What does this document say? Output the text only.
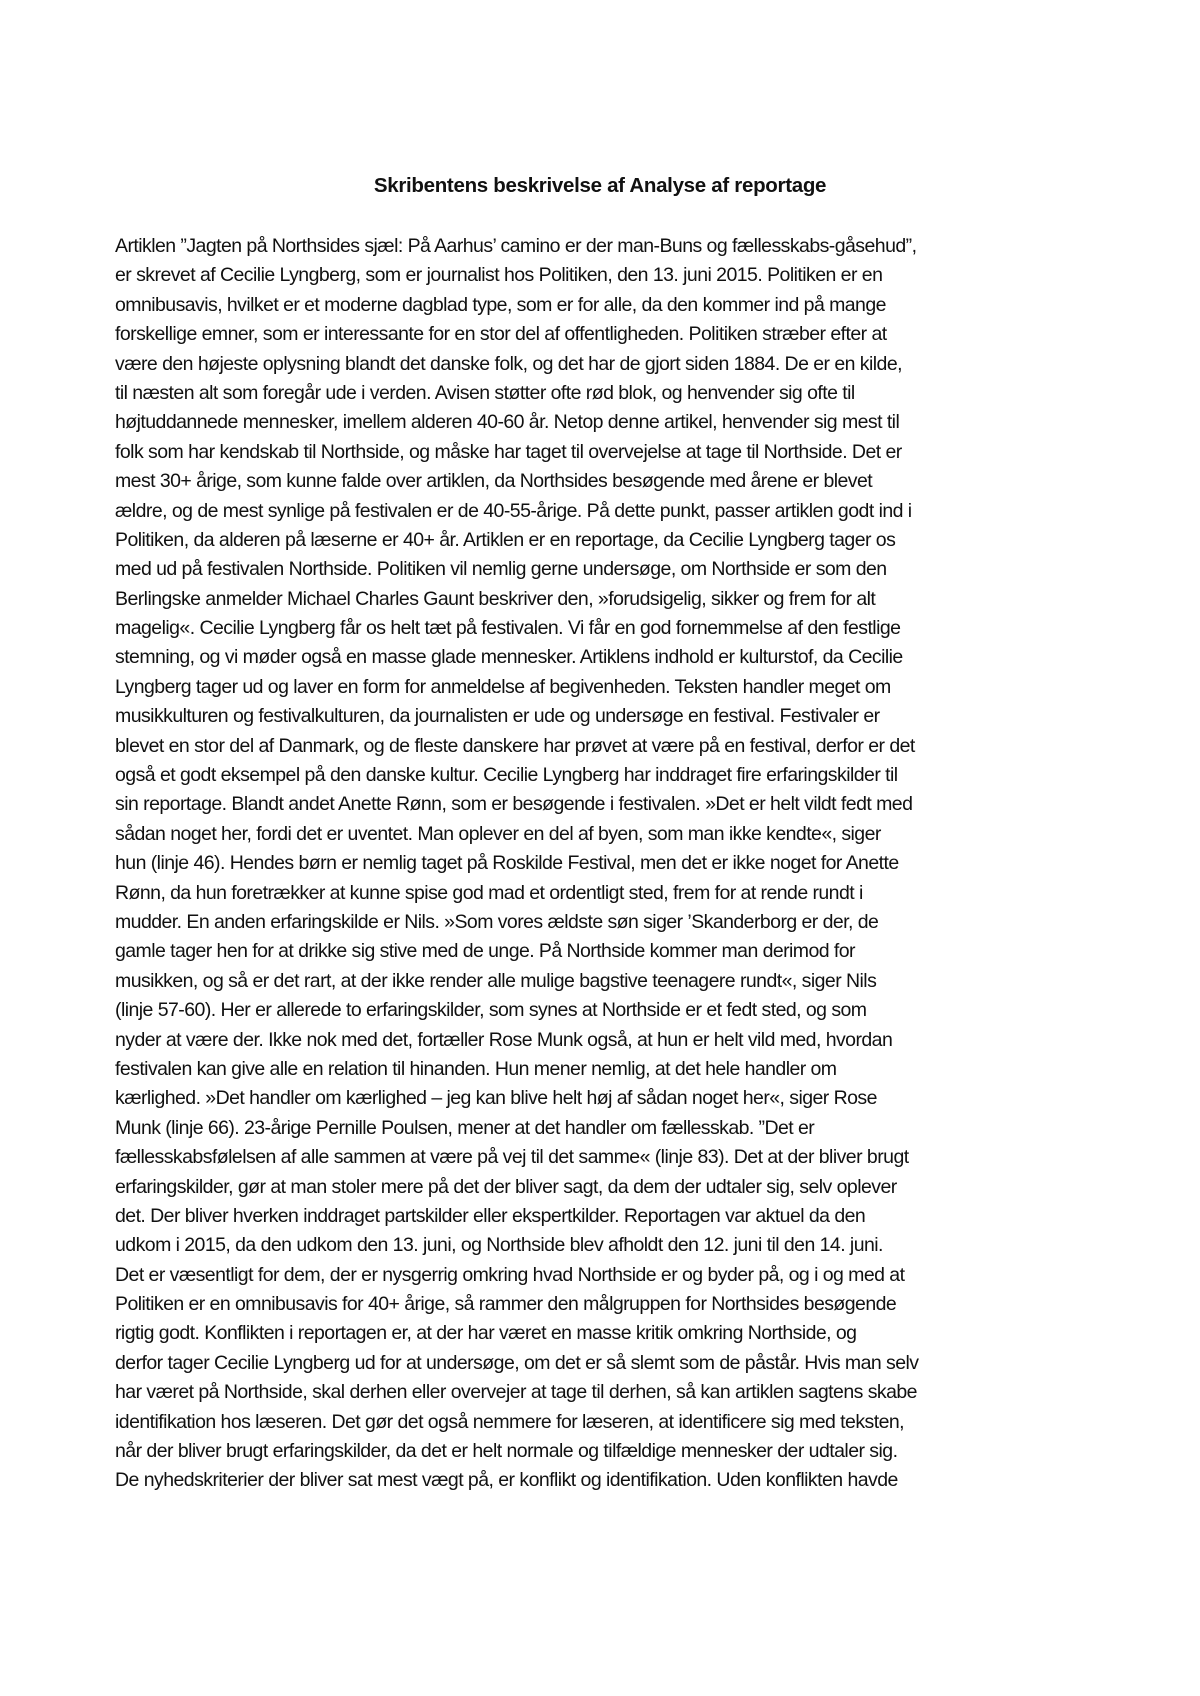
Skribentens beskrivelse af Analyse af reportage
Artiklen ”Jagten på Northsides sjæl: På Aarhus’ camino er der man-Buns og fællesskabs-gåsehud”,
er skrevet af Cecilie Lyngberg, som er journalist hos Politiken, den 13. juni 2015. Politiken er en
omnibusavis, hvilket er et moderne dagblad type, som er for alle, da den kommer ind på mange
forskellige emner, som er interessante for en stor del af offentligheden. Politiken stræber efter at
være den højeste oplysning blandt det danske folk, og det har de gjort siden 1884. De er en kilde,
til næsten alt som foregår ude i verden. Avisen støtter ofte rød blok, og henvender sig ofte til
højtuddannede mennesker, imellem alderen 40-60 år. Netop denne artikel, henvender sig mest til
folk som har kendskab til Northside, og måske har taget til overvejelse at tage til Northside. Det er
mest 30+ årige, som kunne falde over artiklen, da Northsides besøgende med årene er blevet
ældre, og de mest synlige på festivalen er de 40-55-årige. På dette punkt, passer artiklen godt ind i
Politiken, da alderen på læserne er 40+ år. Artiklen er en reportage, da Cecilie Lyngberg tager os
med ud på festivalen Northside. Politiken vil nemlig gerne undersøge, om Northside er som den
Berlingske anmelder Michael Charles Gaunt beskriver den, »forudsigelig, sikker og frem for alt
magelig«. Cecilie Lyngberg får os helt tæt på festivalen. Vi får en god fornemmelse af den festlige
stemning, og vi møder også en masse glade mennesker. Artiklens indhold er kulturstof, da Cecilie
Lyngberg tager ud og laver en form for anmeldelse af begivenheden. Teksten handler meget om
musikkulturen og festivalkulturen, da journalisten er ude og undersøge en festival. Festivaler er
blevet en stor del af Danmark, og de fleste danskere har prøvet at være på en festival, derfor er det
også et godt eksempel på den danske kultur. Cecilie Lyngberg har inddraget fire erfaringskilder til
sin reportage. Blandt andet Anette Rønn, som er besøgende i festivalen. »Det er helt vildt fedt med
sådan noget her, fordi det er uventet. Man oplever en del af byen, som man ikke kendte«, siger
hun (linje 46). Hendes børn er nemlig taget på Roskilde Festival, men det er ikke noget for Anette
Rønn, da hun foretrækker at kunne spise god mad et ordentligt sted, frem for at rende rundt i
mudder. En anden erfaringskilde er Nils. »Som vores ældste søn siger ’Skanderborg er der, de
gamle tager hen for at drikke sig stive med de unge. På Northside kommer man derimod for
musikken, og så er det rart, at der ikke render alle mulige bagstive teenagere rundt«, siger Nils
(linje 57-60). Her er allerede to erfaringskilder, som synes at Northside er et fedt sted, og som
nyder at være der. Ikke nok med det, fortæller Rose Munk også, at hun er helt vild med, hvordan
festivalen kan give alle en relation til hinanden. Hun mener nemlig, at det hele handler om
kærlighed. »Det handler om kærlighed – jeg kan blive helt høj af sådan noget her«, siger Rose
Munk (linje 66). 23-årige Pernille Poulsen, mener at det handler om fællesskab. ”Det er
fællesskabsfølelsen af alle sammen at være på vej til det samme« (linje 83). Det at der bliver brugt
erfaringskilder, gør at man stoler mere på det der bliver sagt, da dem der udtaler sig, selv oplever
det. Der bliver hverken inddraget partskilder eller ekspertkilder. Reportagen var aktuel da den
udkom i 2015, da den udkom den 13. juni, og Northside blev afholdt den 12. juni til den 14. juni.
Det er væsentligt for dem, der er nysgerrig omkring hvad Northside er og byder på, og i og med at
Politiken er en omnibusavis for 40+ årige, så rammer den målgruppen for Northsides besøgende
rigtig godt. Konflikten i reportagen er, at der har været en masse kritik omkring Northside, og
derfor tager Cecilie Lyngberg ud for at undersøge, om det er så slemt som de påstår. Hvis man selv
har været på Northside, skal derhen eller overvejer at tage til derhen, så kan artiklen sagtens skabe
identifikation hos læseren. Det gør det også nemmere for læseren, at identificere sig med teksten,
når der bliver brugt erfaringskilder, da det er helt normale og tilfældige mennesker der udtaler sig.
De nyhedskriterier der bliver sat mest vægt på, er konflikt og identifikation. Uden konflikten havde
